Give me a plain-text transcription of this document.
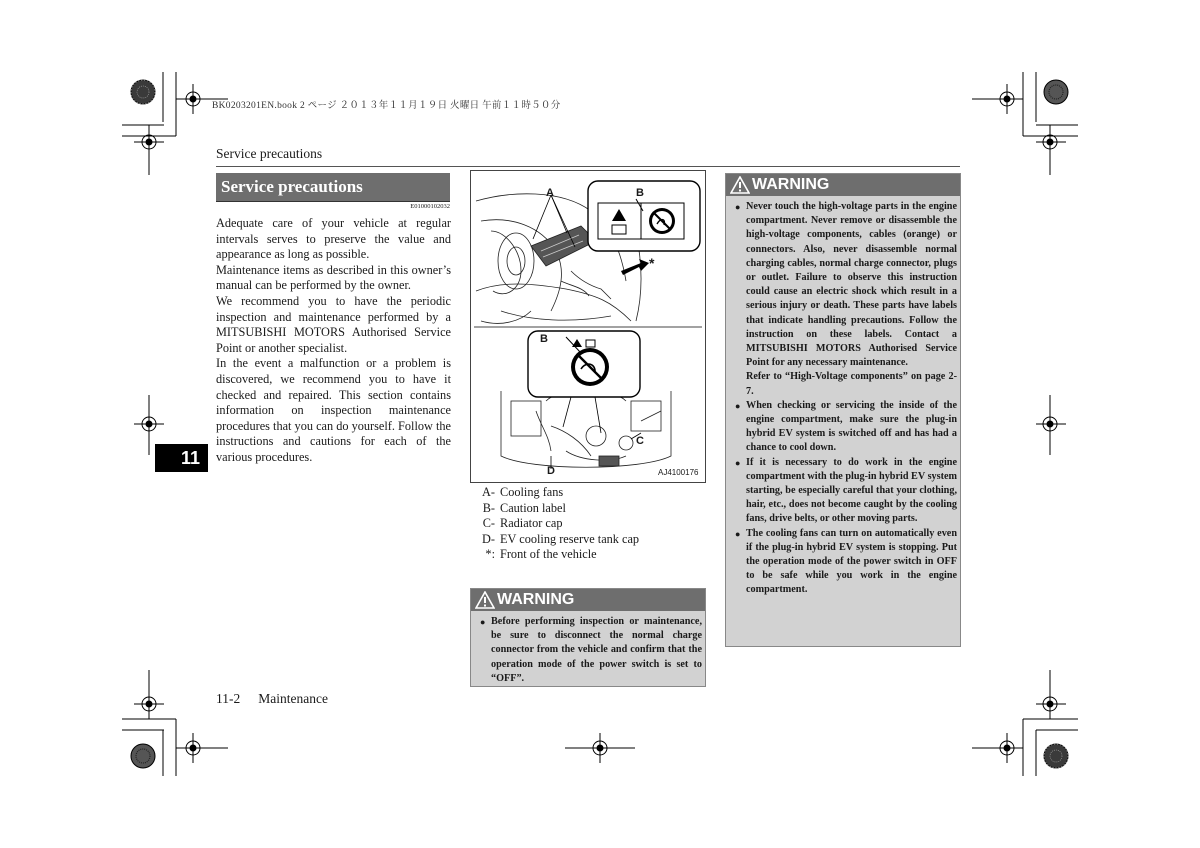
BK0203201EN.book 2 ページ ２０１３年１１月１９日 火曜日 午前１１時５０分
Service precautions
Service precautions
E01000102032

Adequate care of your vehicle at regular intervals serves to preserve the value and appearance as long as possible.

Maintenance items as described in this owner’s manual can be performed by the owner.

We recommend you to have the periodic inspection and maintenance performed by a MITSUBISHI MOTORS Authorised Service Point or another specialist.

In the event a malfunction or a problem is discovered, we recommend you to have it checked and repaired. This section contains information on inspection maintenance procedures that you can do yourself. Follow the instructions and cautions for each of the various procedures.

11
A	B
*
B
C
D	AJ4100176
A- Cooling fans
B- Caution label
C- Radiator cap
D- EV cooling reserve tank cap
*: Front of the vehicle
WARNING
● Before performing inspection or maintenance, be sure to disconnect the normal charge connector from the vehicle and confirm that the operation mode of the power switch is set to “OFF”.
WARNING
● Never touch the high-voltage parts in the engine compartment. Never remove or disassemble the high-voltage components, cables (orange) or connectors. Also, never disassemble normal charging cables, normal charge connector, plugs or outlet. Failure to observe this instruction could cause an electric shock which result in a serious injury or death. These parts have labels that indicate handling precautions. Follow the instruction on these labels. Contact a MITSUBISHI MOTORS Authorised Service Point for any necessary maintenance.
Refer to “High-Voltage components” on page 2-7.
● When checking or servicing the inside of the engine compartment, make sure the plug-in hybrid EV system is switched off and has had a chance to cool down.
● If it is necessary to do work in the engine compartment with the plug-in hybrid EV system starting, be especially careful that your clothing, hair, etc., does not become caught by the cooling fans, drive belts, or other moving parts.
● The cooling fans can turn on automatically even if the plug-in hybrid EV system is stopping. Put the operation mode of the power switch in OFF to be safe while you work in the engine compartment.
11-2 Maintenance
